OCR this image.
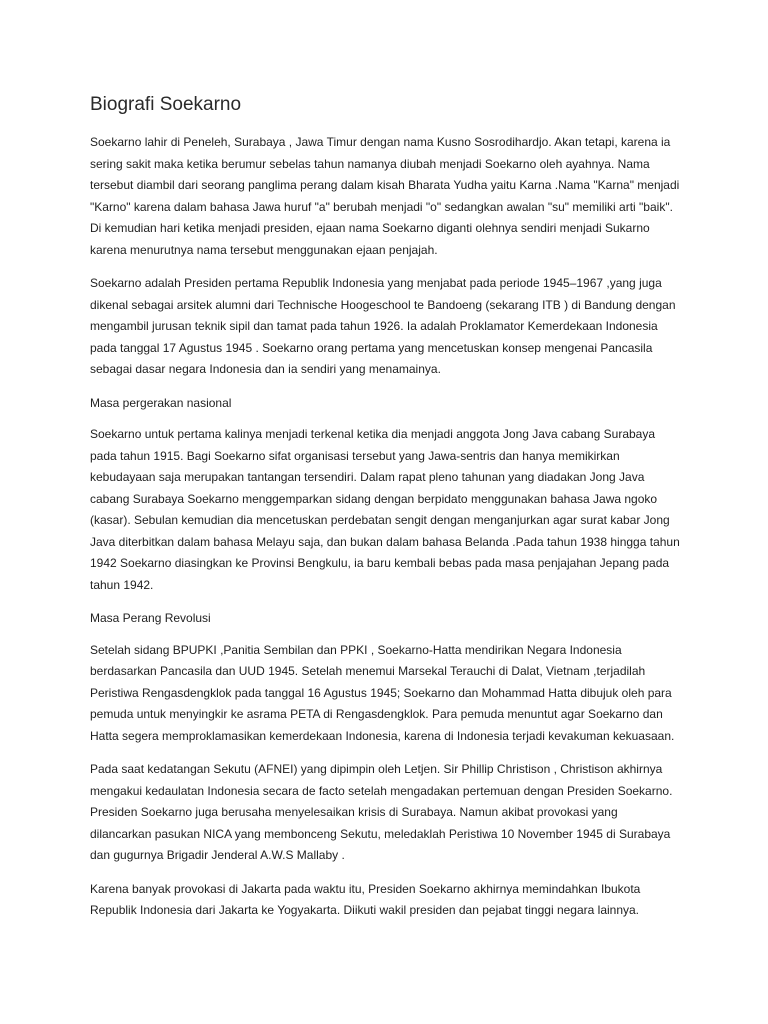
Biografi Soekarno

Soekarno lahir di Peneleh, Surabaya , Jawa Timur dengan nama Kusno Sosrodihardjo. Akan tetapi, karena ia sering sakit maka ketika berumur sebelas tahun namanya diubah menjadi Soekarno oleh ayahnya. Nama tersebut diambil dari seorang panglima perang dalam kisah Bharata Yudha yaitu Karna .Nama "Karna" menjadi "Karno" karena dalam bahasa Jawa huruf "a" berubah menjadi "o" sedangkan awalan "su" memiliki arti "baik". Di kemudian hari ketika menjadi presiden, ejaan nama Soekarno diganti olehnya sendiri menjadi Sukarno karena menurutnya nama tersebut menggunakan ejaan penjajah.

Soekarno adalah Presiden pertama Republik Indonesia yang menjabat pada periode 1945–1967 ,yang juga dikenal sebagai arsitek alumni dari Technische Hoogeschool te Bandoeng (sekarang ITB ) di Bandung dengan mengambil jurusan teknik sipil dan tamat pada tahun 1926. Ia adalah Proklamator Kemerdekaan Indonesia pada tanggal 17 Agustus 1945 . Soekarno orang pertama yang mencetuskan konsep mengenai Pancasila sebagai dasar negara Indonesia dan ia sendiri yang menamainya.

Masa pergerakan nasional

Soekarno untuk pertama kalinya menjadi terkenal ketika dia menjadi anggota Jong Java cabang Surabaya pada tahun 1915. Bagi Soekarno sifat organisasi tersebut yang Jawa-sentris dan hanya memikirkan kebudayaan saja merupakan tantangan tersendiri. Dalam rapat pleno tahunan yang diadakan Jong Java cabang Surabaya Soekarno menggemparkan sidang dengan berpidato menggunakan bahasa Jawa ngoko (kasar). Sebulan kemudian dia mencetuskan perdebatan sengit dengan menganjurkan agar surat kabar Jong Java diterbitkan dalam bahasa Melayu saja, dan bukan dalam bahasa Belanda .Pada tahun 1938 hingga tahun 1942 Soekarno diasingkan ke Provinsi Bengkulu, ia baru kembali bebas pada masa penjajahan Jepang pada tahun 1942.

Masa Perang Revolusi

Setelah sidang BPUPKI ,Panitia Sembilan dan PPKI , Soekarno-Hatta mendirikan Negara Indonesia berdasarkan Pancasila dan UUD 1945. Setelah menemui Marsekal Terauchi di Dalat, Vietnam ,terjadilah Peristiwa Rengasdengklok pada tanggal 16 Agustus 1945; Soekarno dan Mohammad Hatta dibujuk oleh para pemuda untuk menyingkir ke asrama PETA di Rengasdengklok. Para pemuda menuntut agar Soekarno dan Hatta segera memproklamasikan kemerdekaan Indonesia, karena di Indonesia terjadi kevakuman kekuasaan.

Pada saat kedatangan Sekutu (AFNEI) yang dipimpin oleh Letjen. Sir Phillip Christison , Christison akhirnya mengakui kedaulatan Indonesia secara de facto setelah mengadakan pertemuan dengan Presiden Soekarno. Presiden Soekarno juga berusaha menyelesaikan krisis di Surabaya. Namun akibat provokasi yang dilancarkan pasukan NICA yang membonceng Sekutu, meledaklah Peristiwa 10 November 1945 di Surabaya dan gugurnya Brigadir Jenderal A.W.S Mallaby .

Karena banyak provokasi di Jakarta pada waktu itu, Presiden Soekarno akhirnya memindahkan Ibukota Republik Indonesia dari Jakarta ke Yogyakarta. Diikuti wakil presiden dan pejabat tinggi negara lainnya.
